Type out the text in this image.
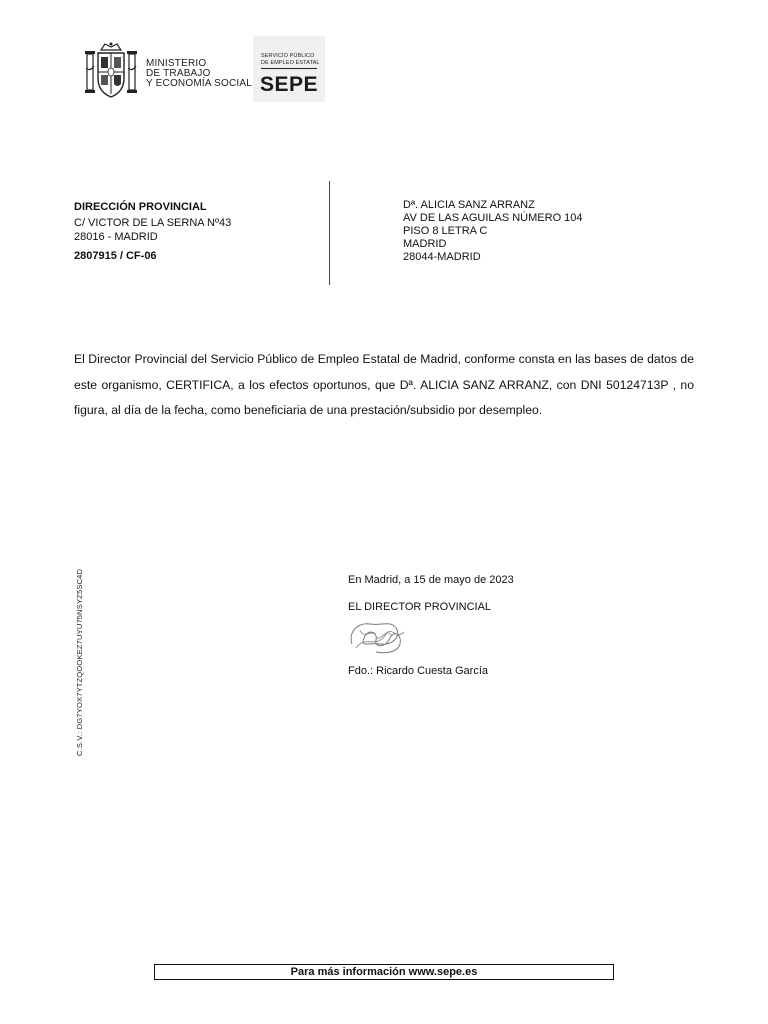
MINISTERIO
DE TRABAJO
Y ECONOMÍA SOCIAL
SERVICIO PÚBLICO
DE EMPLEO ESTATAL
SEPE
DIRECCIÓN PROVINCIAL
C/ VICTOR DE LA SERNA Nº43
28016 - MADRID
2807915 / CF-06
Dª. ALICIA SANZ ARRANZ
AV DE LAS AGUILAS NÚMERO 104
PISO 8 LETRA C
MADRID
28044-MADRID
El Director Provincial del Servicio Público de Empleo Estatal de Madrid, conforme consta en las bases de datos de este organismo, CERTIFICA, a los efectos oportunos, que Dª. ALICIA SANZ ARRANZ, con DNI 50124713P , no figura, al día de la fecha, como beneficiaria de una prestación/subsidio por desempleo.
En Madrid, a 15 de mayo de 2023
EL DIRECTOR PROVINCIAL
Fdo.: Ricardo Cuesta García
C.S.V.: DG7YOX7YTZQOOKEZ7UYU75NSYZ5SC4D
Para más información www.sepe.es
